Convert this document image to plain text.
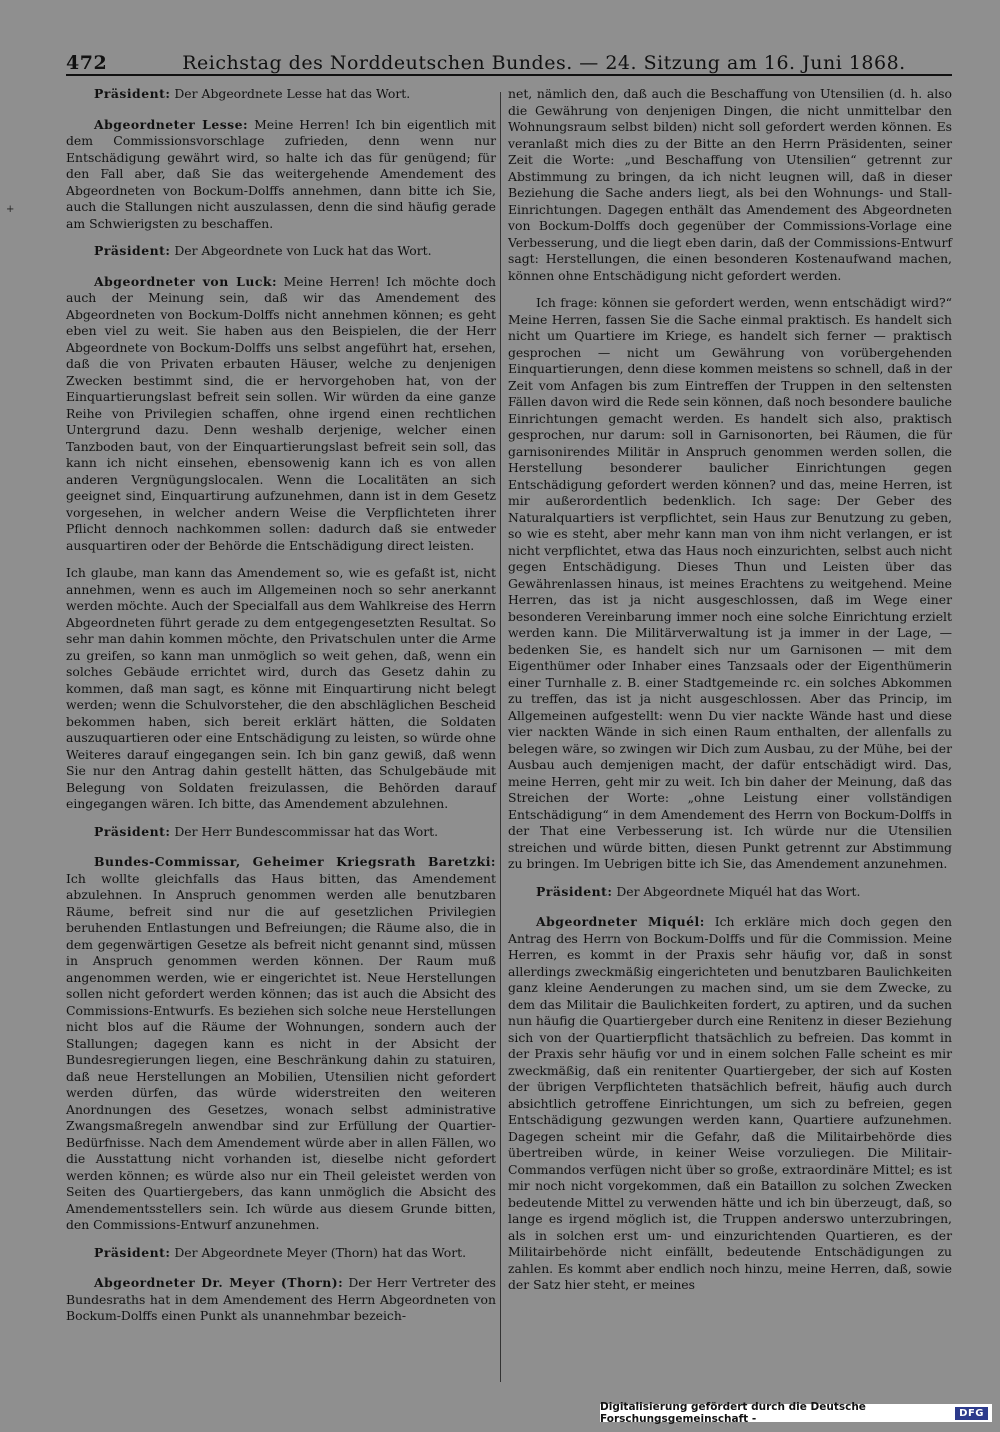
+
472	Reichstag des Norddeutschen Bundes. — 24. Sitzung am 16. Juni 1868.

Präsident: Der Abgeordnete Lesse hat das Wort.

Abgeordneter Lesse: Meine Herren! Ich bin eigentlich mit dem Commissionsvorschlage zufrieden, denn wenn nur Entschädigung gewährt wird, so halte ich das für genügend; für den Fall aber, daß Sie das weitergehende Amendement des Abgeordneten von Bockum-Dolffs annehmen, dann bitte ich Sie, auch die Stallungen nicht auszulassen, denn die sind häufig gerade am Schwierigsten zu beschaffen.

Präsident: Der Abgeordnete von Luck hat das Wort.

Abgeordneter von Luck: Meine Herren! Ich möchte doch auch der Meinung sein, daß wir das Amendement des Abgeordneten von Bockum-Dolffs nicht annehmen können; es geht eben viel zu weit. Sie haben aus den Beispielen, die der Herr Abgeordnete von Bockum-Dolffs uns selbst angeführt hat, ersehen, daß die von Privaten erbauten Häuser, welche zu denjenigen Zwecken bestimmt sind, die er hervorgehoben hat, von der Einquartierungslast befreit sein sollen. Wir würden da eine ganze Reihe von Privilegien schaffen, ohne irgend einen rechtlichen Untergrund dazu. Denn weshalb derjenige, welcher einen Tanzboden baut, von der Einquartierungslast befreit sein soll, das kann ich nicht einsehen, ebensowenig kann ich es von allen anderen Vergnügungslocalen. Wenn die Localitäten an sich geeignet sind, Einquartirung aufzunehmen, dann ist in dem Gesetz vorgesehen, in welcher andern Weise die Verpflichteten ihrer Pflicht dennoch nachkommen sollen: dadurch daß sie entweder ausquartiren oder der Behörde die Entschädigung direct leisten.

Ich glaube, man kann das Amendement so, wie es gefaßt ist, nicht annehmen, wenn es auch im Allgemeinen noch so sehr anerkannt werden möchte. Auch der Specialfall aus dem Wahlkreise des Herrn Abgeordneten führt gerade zu dem entgegengesetzten Resultat. So sehr man dahin kommen möchte, den Privatschulen unter die Arme zu greifen, so kann man unmöglich so weit gehen, daß, wenn ein solches Gebäude errichtet wird, durch das Gesetz dahin zu kommen, daß man sagt, es könne mit Einquartirung nicht belegt werden; wenn die Schulvorsteher, die den abschläglichen Bescheid bekommen haben, sich bereit erklärt hätten, die Soldaten auszuquartieren oder eine Entschädigung zu leisten, so würde ohne Weiteres darauf eingegangen sein. Ich bin ganz gewiß, daß wenn Sie nur den Antrag dahin gestellt hätten, das Schulgebäude mit Belegung von Soldaten freizulassen, die Behörden darauf eingegangen wären. Ich bitte, das Amendement abzulehnen.

Präsident: Der Herr Bundescommissar hat das Wort.

Bundes-Commissar, Geheimer Kriegsrath Baretzki: Ich wollte gleichfalls das Haus bitten, das Amendement abzulehnen. In Anspruch genommen werden alle benutzbaren Räume, befreit sind nur die auf gesetzlichen Privilegien beruhenden Entlastungen und Befreiungen; die Räume also, die in dem gegenwärtigen Gesetze als befreit nicht genannt sind, müssen in Anspruch genommen werden können. Der Raum muß angenommen werden, wie er eingerichtet ist. Neue Herstellungen sollen nicht gefordert werden können; das ist auch die Absicht des Commissions-Entwurfs. Es beziehen sich solche neue Herstellungen nicht blos auf die Räume der Wohnungen, sondern auch der Stallungen; dagegen kann es nicht in der Absicht der Bundesregierungen liegen, eine Beschränkung dahin zu statuiren, daß neue Herstellungen an Mobilien, Utensilien nicht gefordert werden dürfen, das würde widerstreiten den weiteren Anordnungen des Gesetzes, wonach selbst administrative Zwangsmaßregeln anwendbar sind zur Erfüllung der Quartier-Bedürfnisse. Nach dem Amendement würde aber in allen Fällen, wo die Ausstattung nicht vorhanden ist, dieselbe nicht gefordert werden können; es würde also nur ein Theil geleistet werden von Seiten des Quartiergebers, das kann unmöglich die Absicht des Amendementsstellers sein. Ich würde aus diesem Grunde bitten, den Commissions-Entwurf anzunehmen.

Präsident: Der Abgeordnete Meyer (Thorn) hat das Wort.

Abgeordneter Dr. Meyer (Thorn): Der Herr Vertreter des Bundesraths hat in dem Amendement des Herrn Abgeordneten von Bockum-Dolffs einen Punkt als unannehmbar bezeich-

net, nämlich den, daß auch die Beschaffung von Utensilien (d. h. also die Gewährung von denjenigen Dingen, die nicht unmittelbar den Wohnungsraum selbst bilden) nicht soll gefordert werden können. Es veranlaßt mich dies zu der Bitte an den Herrn Präsidenten, seiner Zeit die Worte: „und Beschaffung von Utensilien“ getrennt zur Abstimmung zu bringen, da ich nicht leugnen will, daß in dieser Beziehung die Sache anders liegt, als bei den Wohnungs- und Stall-Einrichtungen. Dagegen enthält das Amendement des Abgeordneten von Bockum-Dolffs doch gegenüber der Commissions-Vorlage eine Verbesserung, und die liegt eben darin, daß der Commissions-Entwurf sagt: Herstellungen, die einen besonderen Kostenaufwand machen, können ohne Entschädigung nicht gefordert werden.

Ich frage: können sie gefordert werden, wenn entschädigt wird?“ Meine Herren, fassen Sie die Sache einmal praktisch. Es handelt sich nicht um Quartiere im Kriege, es handelt sich ferner — praktisch gesprochen — nicht um Gewährung von vorübergehenden Einquartierungen, denn diese kommen meistens so schnell, daß in der Zeit vom Anfagen bis zum Eintreffen der Truppen in den seltensten Fällen davon wird die Rede sein können, daß noch besondere bauliche Einrichtungen gemacht werden. Es handelt sich also, praktisch gesprochen, nur darum: soll in Garnisonorten, bei Räumen, die für garnisonirendes Militär in Anspruch genommen werden sollen, die Herstellung besonderer baulicher Einrichtungen gegen Entschädigung gefordert werden können? und das, meine Herren, ist mir außerordentlich bedenklich. Ich sage: Der Geber des Naturalquartiers ist verpflichtet, sein Haus zur Benutzung zu geben, so wie es steht, aber mehr kann man von ihm nicht verlangen, er ist nicht verpflichtet, etwa das Haus noch einzurichten, selbst auch nicht gegen Entschädigung. Dieses Thun und Leisten über das Gewährenlassen hinaus, ist meines Erachtens zu weitgehend. Meine Herren, das ist ja nicht ausgeschlossen, daß im Wege einer besonderen Vereinbarung immer noch eine solche Einrichtung erzielt werden kann. Die Militärverwaltung ist ja immer in der Lage, — bedenken Sie, es handelt sich nur um Garnisonen — mit dem Eigenthümer oder Inhaber eines Tanzsaals oder der Eigenthümerin einer Turnhalle z. B. einer Stadtgemeinde rc. ein solches Abkommen zu treffen, das ist ja nicht ausgeschlossen. Aber das Princip, im Allgemeinen aufgestellt: wenn Du vier nackte Wände hast und diese vier nackten Wände in sich einen Raum enthalten, der allenfalls zu belegen wäre, so zwingen wir Dich zum Ausbau, zu der Mühe, bei der Ausbau auch demjenigen macht, der dafür entschädigt wird. Das, meine Herren, geht mir zu weit. Ich bin daher der Meinung, daß das Streichen der Worte: „ohne Leistung einer vollständigen Entschädigung“ in dem Amendement des Herrn von Bockum-Dolffs in der That eine Verbesserung ist. Ich würde nur die Utensilien streichen und würde bitten, diesen Punkt getrennt zur Abstimmung zu bringen. Im Uebrigen bitte ich Sie, das Amendement anzunehmen.

Präsident: Der Abgeordnete Miquél hat das Wort.

Abgeordneter Miquél: Ich erkläre mich doch gegen den Antrag des Herrn von Bockum-Dolffs und für die Commission. Meine Herren, es kommt in der Praxis sehr häufig vor, daß in sonst allerdings zweckmäßig eingerichteten und benutzbaren Baulichkeiten ganz kleine Aenderungen zu machen sind, um sie dem Zwecke, zu dem das Militair die Baulichkeiten fordert, zu aptiren, und da suchen nun häufig die Quartiergeber durch eine Renitenz in dieser Beziehung sich von der Quartierpflicht thatsächlich zu befreien. Das kommt in der Praxis sehr häufig vor und in einem solchen Falle scheint es mir zweckmäßig, daß ein renitenter Quartiergeber, der sich auf Kosten der übrigen Verpflichteten thatsächlich befreit, häufig auch durch absichtlich getroffene Einrichtungen, um sich zu befreien, gegen Entschädigung gezwungen werden kann, Quartiere aufzunehmen. Dagegen scheint mir die Gefahr, daß die Militairbehörde dies übertreiben würde, in keiner Weise vorzuliegen. Die Militair-Commandos verfügen nicht über so große, extraordinäre Mittel; es ist mir noch nicht vorgekommen, daß ein Bataillon zu solchen Zwecken bedeutende Mittel zu verwenden hätte und ich bin überzeugt, daß, so lange es irgend möglich ist, die Truppen anderswo unterzubringen, als in solchen erst um- und einzurichtenden Quartieren, es der Militairbehörde nicht einfällt, bedeutende Entschädigungen zu zahlen. Es kommt aber endlich noch hinzu, meine Herren, daß, sowie der Satz hier steht, er meines

Digitalisierung gefördert durch die Deutsche Forschungsgemeinschaft -	DFG
